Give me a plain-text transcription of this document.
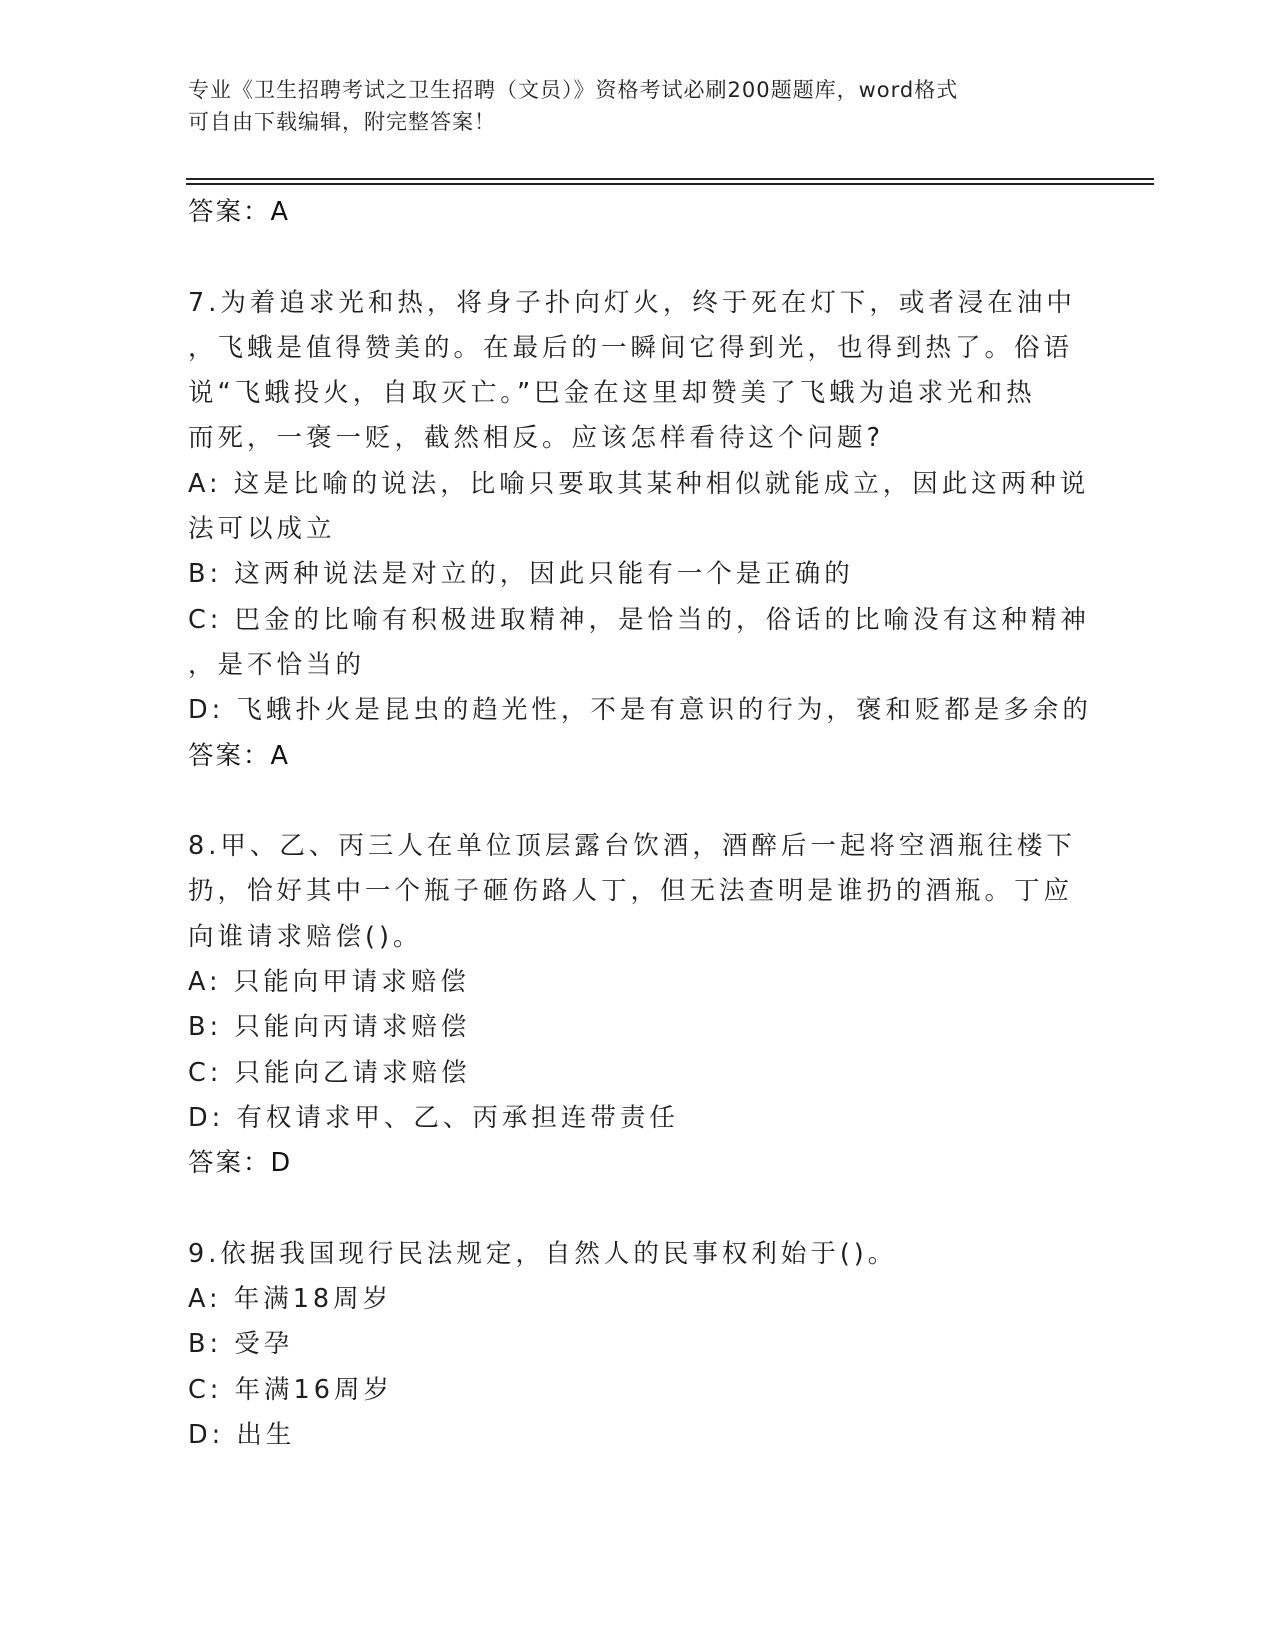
专业《卫生招聘考试之卫生招聘（文员）》资格考试必刷200题题库，word格式
可自由下载编辑，附完整答案！
答案：A
7.为着追求光和热，将身子扑向灯火，终于死在灯下，或者浸在油中
，飞蛾是值得赞美的。在最后的一瞬间它得到光，也得到热了。俗语
说“飞蛾投火，自取灭亡。”巴金在这里却赞美了飞蛾为追求光和热
而死，一褒一贬，截然相反。应该怎样看待这个问题?
A: 这是比喻的说法，比喻只要取其某种相似就能成立，因此这两种说
法可以成立
B: 这两种说法是对立的，因此只能有一个是正确的
C: 巴金的比喻有积极进取精神，是恰当的，俗话的比喻没有这种精神
，是不恰当的
D: 飞蛾扑火是昆虫的趋光性，不是有意识的行为，褒和贬都是多余的
答案：A
8.甲、乙、丙三人在单位顶层露台饮酒，酒醉后一起将空酒瓶往楼下
扔，恰好其中一个瓶子砸伤路人丁，但无法查明是谁扔的酒瓶。丁应
向谁请求赔偿()。
A: 只能向甲请求赔偿
B: 只能向丙请求赔偿
C: 只能向乙请求赔偿
D: 有权请求甲、乙、丙承担连带责任
答案：D
9.依据我国现行民法规定，自然人的民事权利始于()。
A: 年满18周岁
B: 受孕
C: 年满16周岁
D: 出生
